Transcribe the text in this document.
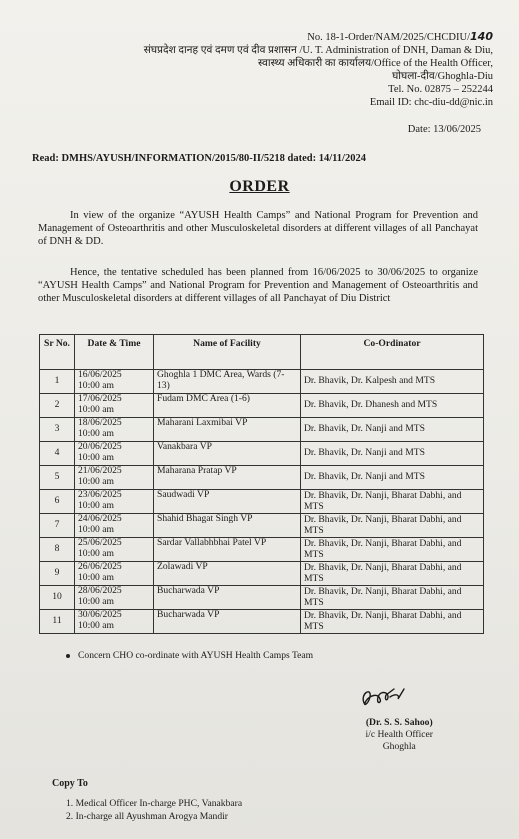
No. 18-1-Order/NAM/2025/CHCDIU/140
संघप्रदेश दानह एवं दमण एवं दीव प्रशासन /U. T. Administration of DNH, Daman & Diu,
स्वास्थ्य अधिकारी का कार्यालय/Office of the Health Officer,
घोघला-दीव/Ghoghla-Diu
Tel. No. 02875 – 252244
Email ID: chc-diu-dd@nic.in
Date: 13/06/2025
Read: DMHS/AYUSH/INFORMATION/2015/80-II/5218 dated: 14/11/2024
ORDER
In view of the organize “AYUSH Health Camps” and National Program for Prevention and Management of Osteoarthritis and other Musculoskeletal disorders at different villages of all Panchayat of DNH & DD.
Hence, the tentative scheduled has been planned from 16/06/2025 to 30/06/2025 to organize “AYUSH Health Camps” and National Program for Prevention and Management of Osteoarthritis and other Musculoskeletal disorders at different villages of all Panchayat of Diu District
Sr No.	Date & Time	Name of Facility	Co-Ordinator

1	16/06/2025
10:00 am	Ghoghla 1 DMC Area, Wards (7-13)	Dr. Bhavik, Dr. Kalpesh and MTS

2	17/06/2025
10:00 am	Fudam DMC Area (1-6)	Dr. Bhavik, Dr. Dhanesh and MTS

3	18/06/2025
10:00 am	Maharani Laxmibai VP	Dr. Bhavik, Dr. Nanji and MTS

4	20/06/2025
10:00 am	Vanakbara VP	Dr. Bhavik, Dr. Nanji and MTS

5	21/06/2025
10:00 am	Maharana Pratap VP	Dr. Bhavik, Dr. Nanji and MTS

6	23/06/2025
10:00 am	Saudwadi VP	Dr. Bhavik, Dr. Nanji, Bharat Dabhi, and MTS

7	24/06/2025
10:00 am	Shahid Bhagat Singh VP	Dr. Bhavik, Dr. Nanji, Bharat Dabhi, and MTS

8	25/06/2025
10:00 am	Sardar Vallabhbhai Patel VP	Dr. Bhavik, Dr. Nanji, Bharat Dabhi, and MTS

9	26/06/2025
10:00 am	Zolawadi VP	Dr. Bhavik, Dr. Nanji, Bharat Dabhi, and MTS

10	28/06/2025
10:00 am	Bucharwada VP	Dr. Bhavik, Dr. Nanji, Bharat Dabhi, and MTS

11	30/06/2025
10:00 am	Bucharwada VP	Dr. Bhavik, Dr. Nanji, Bharat Dabhi, and MTS
Concern CHO co-ordinate with AYUSH Health Camps Team
(Dr. S. S. Sahoo)
i/c Health Officer
Ghoghla
Copy To
1. Medical Officer In-charge PHC, Vanakbara
2. In-charge all Ayushman Arogya Mandir
